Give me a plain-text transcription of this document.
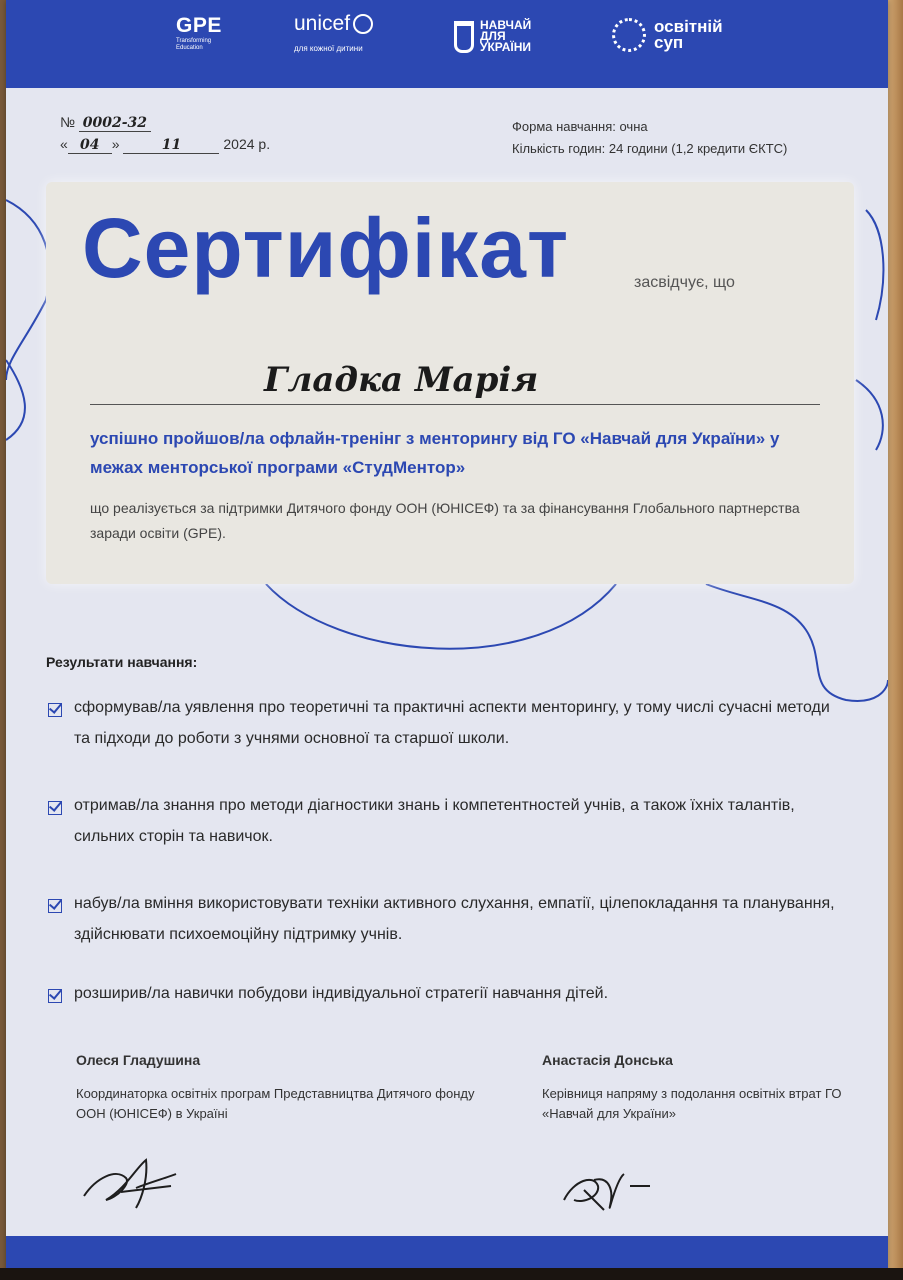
GPE
Transforming
Education
unicef
для кожної дитини
НАВЧАЙ
ДЛЯ
УКРАЇНИ
освітній
суп
№ 0002-32
« 04 »	11	2024 р.
Форма навчання: очна
Кількість годин: 24 години (1,2 кредити ЄКТС)
Сертифікат	засвідчує, що
Гладка Марія
успішно пройшов/ла офлайн-тренінг з менторингу від ГО «Навчай для України» у межах менторської програми «СтудМентор»
що реалізується за підтримки Дитячого фонду ООН (ЮНІСЕФ) та за фінансування Глобального партнерства заради освіти (GPE).
Результати навчання:
сформував/ла уявлення про теоретичні та практичні аспекти менторингу, у тому числі сучасні методи та підходи до роботи з учнями основної та старшої школи.
отримав/ла знання про методи діагностики знань і компетентностей учнів, а також їхніх талантів, сильних сторін та навичок.
набув/ла вміння використовувати техніки активного слухання, емпатії, цілепокладання та планування, здійснювати психоемоційну підтримку учнів.
розширив/ла навички побудови індивідуальної стратегії навчання дітей.
Олеся Гладушина
Координаторка освітніх програм Представництва Дитячого фонду ООН (ЮНІСЕФ) в Україні
Анастасія Донська
Керівниця напряму з подолання освітніх втрат ГО «Навчай для України»
